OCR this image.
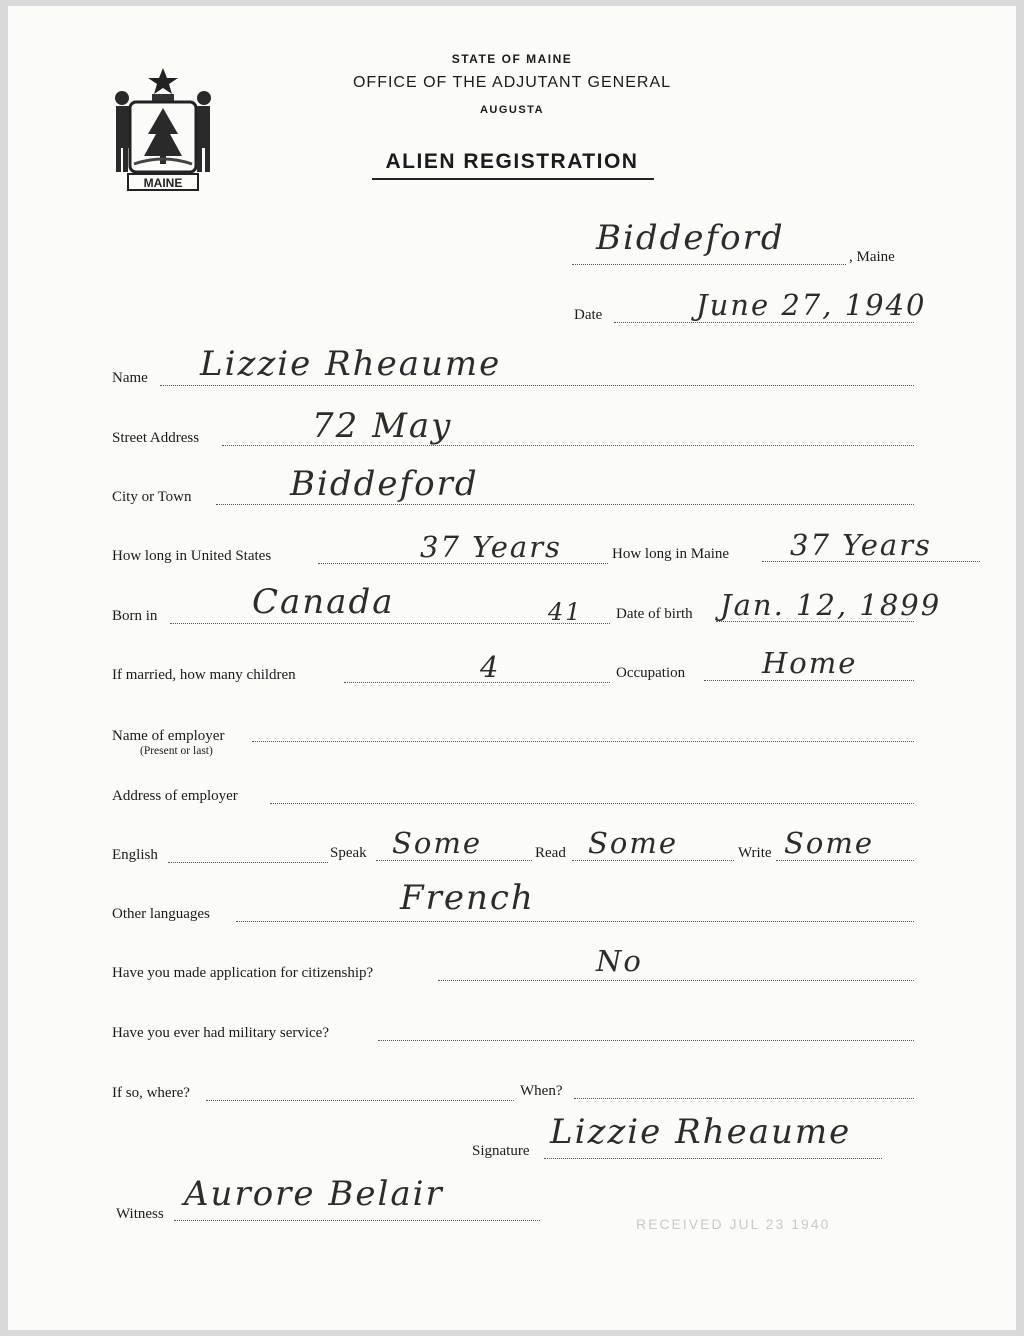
MAINE
STATE OF MAINE
OFFICE OF THE ADJUTANT GENERAL
AUGUSTA
ALIEN REGISTRATION
Biddeford	, Maine
Date	June 27, 1940
Name Lizzie Rheaume
Street Address	72 May
City or Town	Biddeford
How long in United States	37 Years	How long in Maine 37 Years
Born in	Canada	41 Date of birth Jan. 12, 1899
If married, how many children	4	Occupation	Home
Name of employer
(Present or last)
Address of employer
English	Speak Some	Read Some	Write Some
Other languages	French
Have you made application for citizenship?	No
Have you ever had military service?
If so, where?	When?
Signature Lizzie Rheaume
Witness Aurore Belair
RECEIVED JUL 23 1940
